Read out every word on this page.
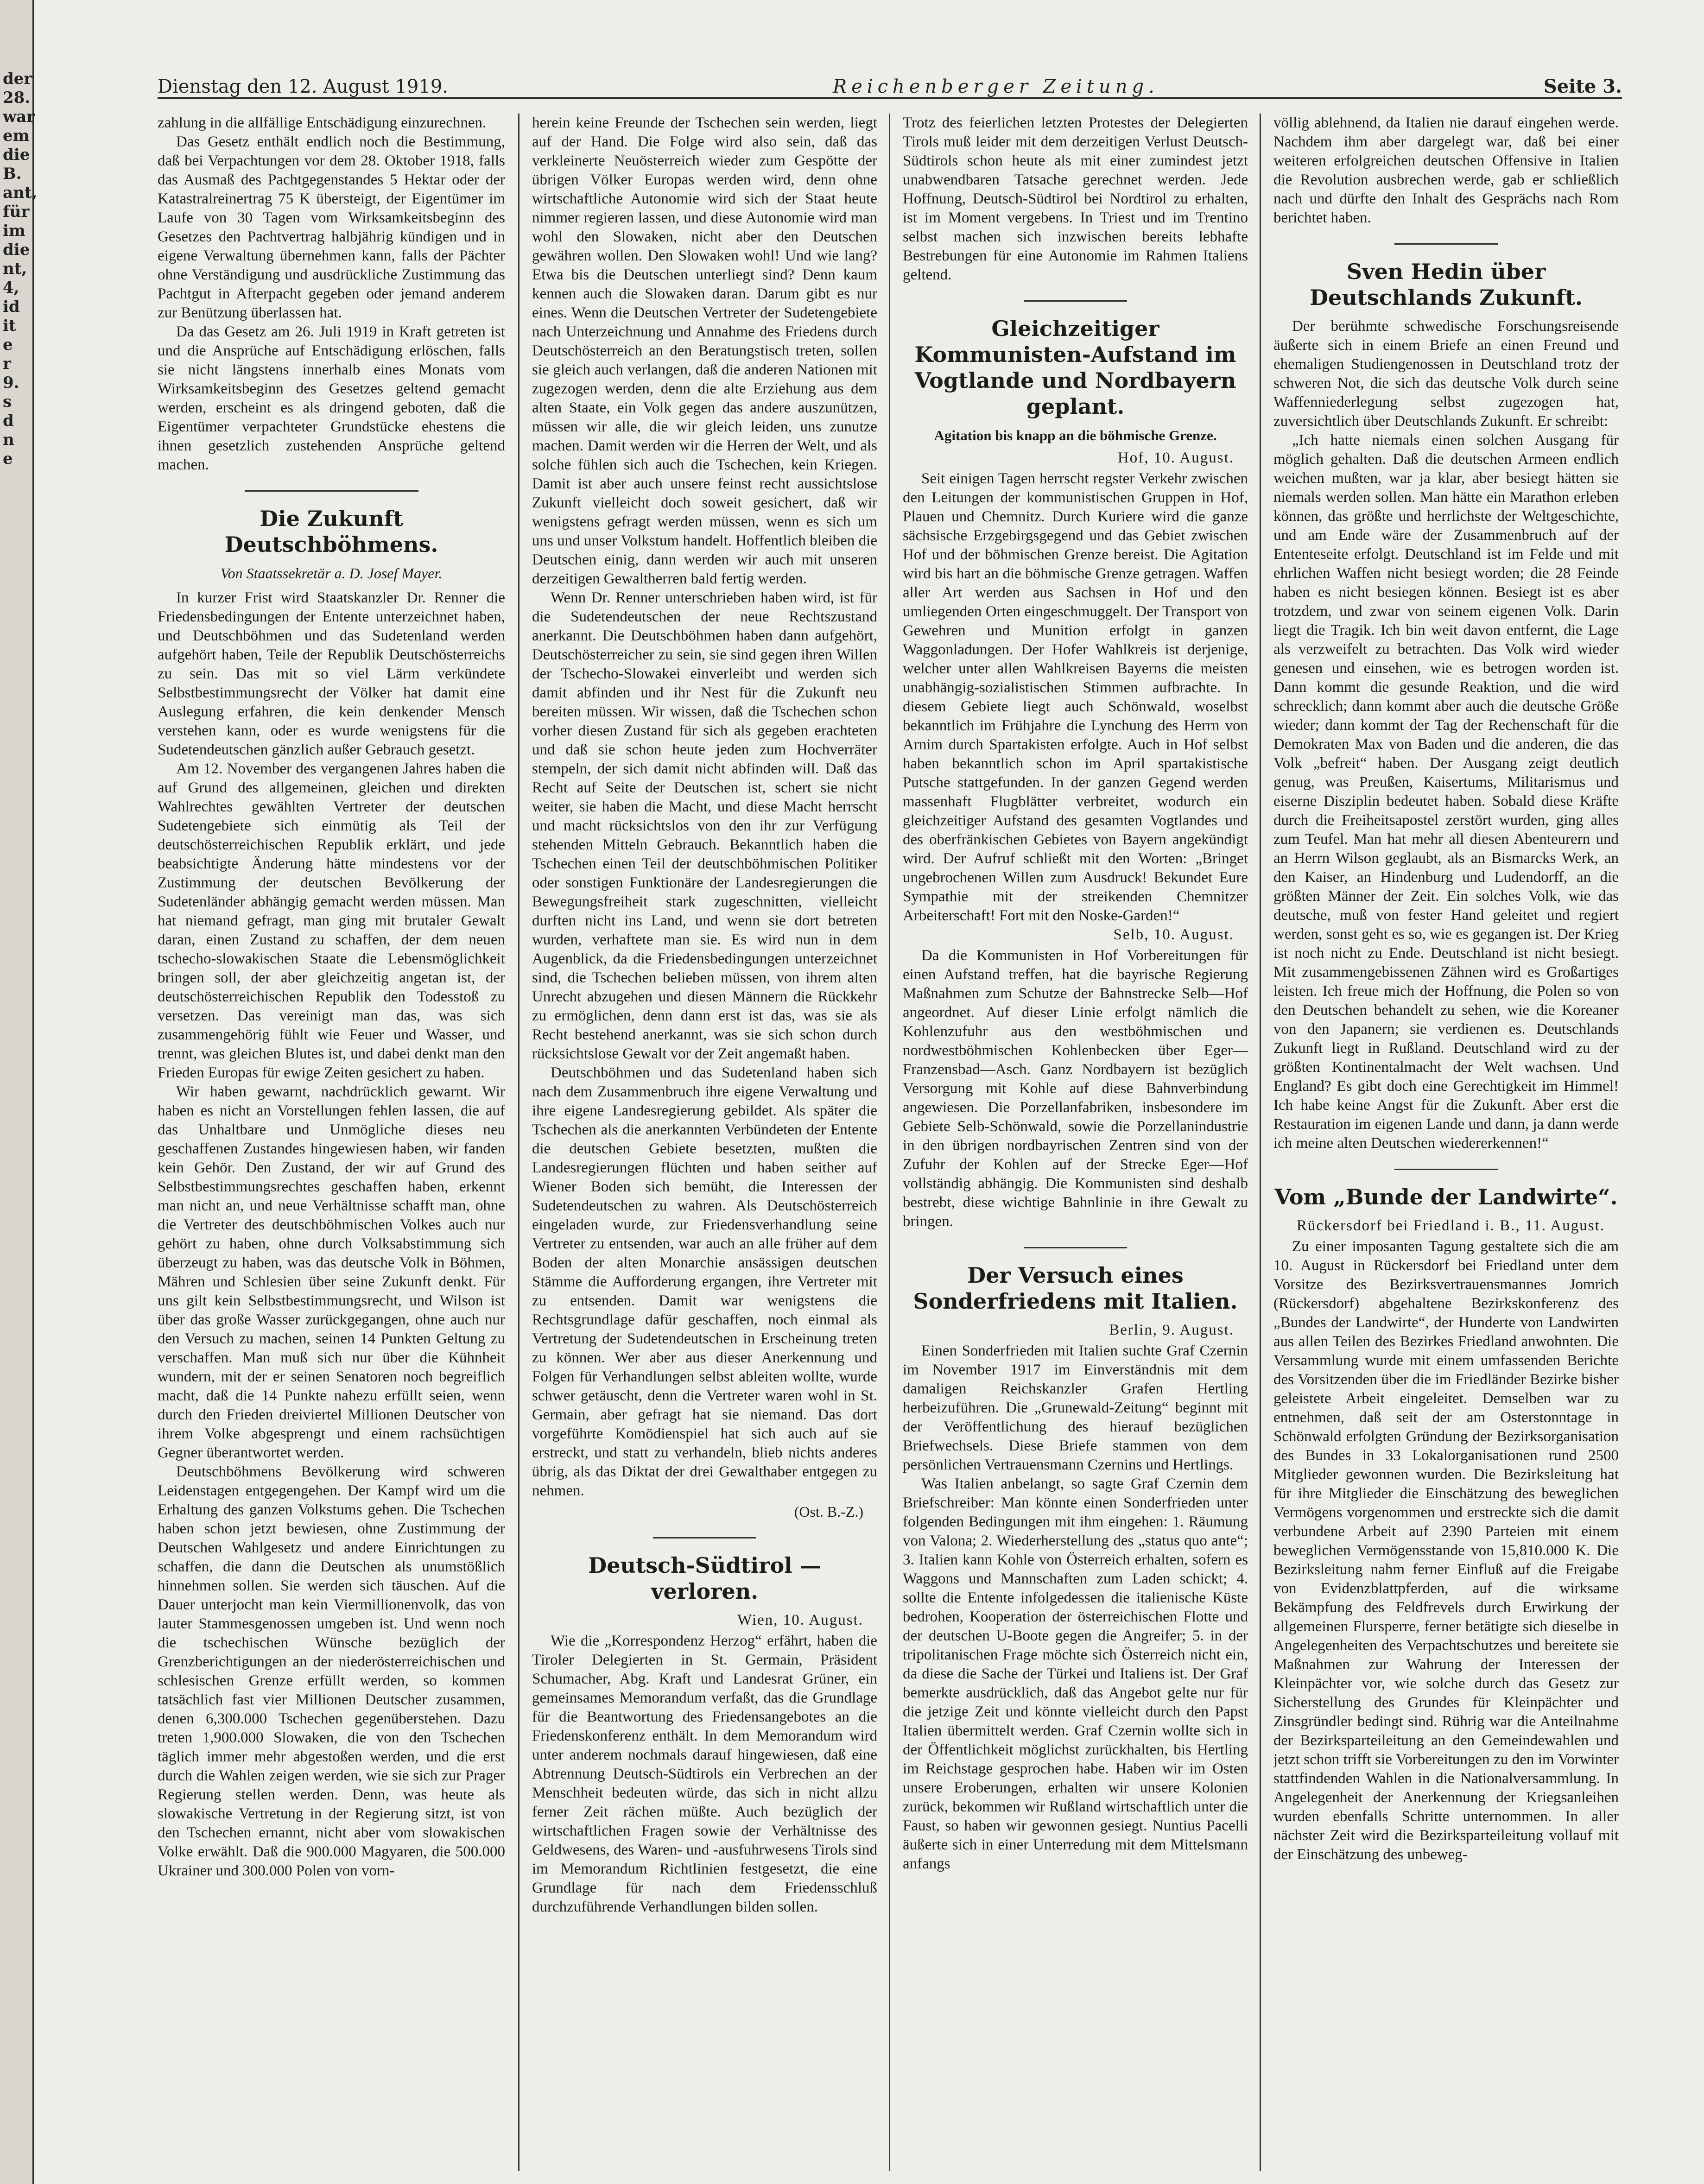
der
28.
war
em
die
B.
ant,
für
im
die
nt,
4,
id
it
e
r
9.
s
d
n
e
Dienstag den 12. August 1919.	Reichenberger Zeitung.	Seite 3.

zahlung in die allfällige Entschädigung einzurechnen.

Das Gesetz enthält endlich noch die Bestimmung, daß bei Verpachtungen vor dem 28. Oktober 1918, falls das Ausmaß des Pachtgegenstandes 5 Hektar oder der Katastralreinertrag 75 K übersteigt, der Eigentümer im Laufe von 30 Tagen vom Wirksamkeitsbeginn des Gesetzes den Pachtvertrag halbjährig kündigen und in eigene Verwaltung übernehmen kann, falls der Pächter ohne Verständigung und ausdrückliche Zustimmung das Pachtgut in Afterpacht gegeben oder jemand anderem zur Benützung überlassen hat.

Da das Gesetz am 26. Juli 1919 in Kraft getreten ist und die Ansprüche auf Entschädigung erlöschen, falls sie nicht längstens innerhalb eines Monats vom Wirksamkeitsbeginn des Gesetzes geltend gemacht werden, erscheint es als dringend geboten, daß die Eigentümer verpachteter Grundstücke ehestens die ihnen gesetzlich zustehenden Ansprüche geltend machen.

Die Zukunft Deutschböhmens.
Von Staatssekretär a. D. Josef Mayer.

In kurzer Frist wird Staatskanzler Dr. Renner die Friedensbedingungen der Entente unterzeichnet haben, und Deutschböhmen und das Sudetenland werden aufgehört haben, Teile der Republik Deutschösterreichs zu sein. Das mit so viel Lärm verkündete Selbstbestimmungsrecht der Völker hat damit eine Auslegung erfahren, die kein denkender Mensch verstehen kann, oder es wurde wenigstens für die Sudetendeutschen gänzlich außer Gebrauch gesetzt.

Am 12. November des vergangenen Jahres haben die auf Grund des allgemeinen, gleichen und direkten Wahlrechtes gewählten Vertreter der deutschen Sudetengebiete sich einmütig als Teil der deutschösterreichischen Republik erklärt, und jede beabsichtigte Änderung hätte mindestens vor der Zustimmung der deutschen Bevölkerung der Sudetenländer abhängig gemacht werden müssen. Man hat niemand gefragt, man ging mit brutaler Gewalt daran, einen Zustand zu schaffen, der dem neuen tschecho-slowakischen Staate die Lebensmöglichkeit bringen soll, der aber gleichzeitig angetan ist, der deutschösterreichischen Republik den Todesstoß zu versetzen. Das vereinigt man das, was sich zusammengehörig fühlt wie Feuer und Wasser, und trennt, was gleichen Blutes ist, und dabei denkt man den Frieden Europas für ewige Zeiten gesichert zu haben.

Wir haben gewarnt, nachdrücklich gewarnt. Wir haben es nicht an Vorstellungen fehlen lassen, die auf das Unhaltbare und Unmögliche dieses neu geschaffenen Zustandes hingewiesen haben, wir fanden kein Gehör. Den Zustand, der wir auf Grund des Selbstbestimmungsrechtes geschaffen haben, erkennt man nicht an, und neue Verhältnisse schafft man, ohne die Vertreter des deutschböhmischen Volkes auch nur gehört zu haben, ohne durch Volksabstimmung sich überzeugt zu haben, was das deutsche Volk in Böhmen, Mähren und Schlesien über seine Zukunft denkt. Für uns gilt kein Selbstbestimmungsrecht, und Wilson ist über das große Wasser zurückgegangen, ohne auch nur den Versuch zu machen, seinen 14 Punkten Geltung zu verschaffen. Man muß sich nur über die Kühnheit wundern, mit der er seinen Senatoren noch begreiflich macht, daß die 14 Punkte nahezu erfüllt seien, wenn durch den Frieden dreiviertel Millionen Deutscher von ihrem Volke abgesprengt und einem rachsüchtigen Gegner überantwortet werden.

Deutschböhmens Bevölkerung wird schweren Leidenstagen entgegengehen. Der Kampf wird um die Erhaltung des ganzen Volkstums gehen. Die Tschechen haben schon jetzt bewiesen, ohne Zustimmung der Deutschen Wahlgesetz und andere Einrichtungen zu schaffen, die dann die Deutschen als unumstößlich hinnehmen sollen. Sie werden sich täuschen. Auf die Dauer unterjocht man kein Viermillionenvolk, das von lauter Stammesgenossen umgeben ist. Und wenn noch die tschechischen Wünsche bezüglich der Grenzberichtigungen an der niederösterreichischen und schlesischen Grenze erfüllt werden, so kommen tatsächlich fast vier Millionen Deutscher zusammen, denen 6,300.000 Tschechen gegenüberstehen. Dazu treten 1,900.000 Slowaken, die von den Tschechen täglich immer mehr abgestoßen werden, und die erst durch die Wahlen zeigen werden, wie sie sich zur Prager Regierung stellen werden. Denn, was heute als slowakische Vertretung in der Regierung sitzt, ist von den Tschechen ernannt, nicht aber vom slowakischen Volke erwählt. Daß die 900.000 Magyaren, die 500.000 Ukrainer und 300.000 Polen von vorn-

herein keine Freunde der Tschechen sein werden, liegt auf der Hand. Die Folge wird also sein, daß das verkleinerte Neuösterreich wieder zum Gespötte der übrigen Völker Europas werden wird, denn ohne wirtschaftliche Autonomie wird sich der Staat heute nimmer regieren lassen, und diese Autonomie wird man wohl den Slowaken, nicht aber den Deutschen gewähren wollen. Den Slowaken wohl! Und wie lang? Etwa bis die Deutschen unterliegt sind? Denn kaum kennen auch die Slowaken daran. Darum gibt es nur eines. Wenn die Deutschen Vertreter der Sudetengebiete nach Unterzeichnung und Annahme des Friedens durch Deutschösterreich an den Beratungstisch treten, sollen sie gleich auch verlangen, daß die anderen Nationen mit zugezogen werden, denn die alte Erziehung aus dem alten Staate, ein Volk gegen das andere auszunützen, müssen wir alle, die wir gleich leiden, uns zunutze machen. Damit werden wir die Herren der Welt, und als solche fühlen sich auch die Tschechen, kein Kriegen. Damit ist aber auch unsere feinst recht aussichtslose Zukunft vielleicht doch soweit gesichert, daß wir wenigstens gefragt werden müssen, wenn es sich um uns und unser Volkstum handelt. Hoffentlich bleiben die Deutschen einig, dann werden wir auch mit unseren derzeitigen Gewaltherren bald fertig werden.

Wenn Dr. Renner unterschrieben haben wird, ist für die Sudetendeutschen der neue Rechtszustand anerkannt. Die Deutschböhmen haben dann aufgehört, Deutschösterreicher zu sein, sie sind gegen ihren Willen der Tschecho-Slowakei einverleibt und werden sich damit abfinden und ihr Nest für die Zukunft neu bereiten müssen. Wir wissen, daß die Tschechen schon vorher diesen Zustand für sich als gegeben erachteten und daß sie schon heute jeden zum Hochverräter stempeln, der sich damit nicht abfinden will. Daß das Recht auf Seite der Deutschen ist, schert sie nicht weiter, sie haben die Macht, und diese Macht herrscht und macht rücksichtslos von den ihr zur Verfügung stehenden Mitteln Gebrauch. Bekanntlich haben die Tschechen einen Teil der deutschböhmischen Politiker oder sonstigen Funktionäre der Landesregierungen die Bewegungsfreiheit stark zugeschnitten, vielleicht durften nicht ins Land, und wenn sie dort betreten wurden, verhaftete man sie. Es wird nun in dem Augenblick, da die Friedensbedingungen unterzeichnet sind, die Tschechen belieben müssen, von ihrem alten Unrecht abzugehen und diesen Männern die Rückkehr zu ermöglichen, denn dann erst ist das, was sie als Recht bestehend anerkannt, was sie sich schon durch rücksichtslose Gewalt vor der Zeit angemaßt haben.

Deutschböhmen und das Sudetenland haben sich nach dem Zusammenbruch ihre eigene Verwaltung und ihre eigene Landesregierung gebildet. Als später die Tschechen als die anerkannten Verbündeten der Entente die deutschen Gebiete besetzten, mußten die Landesregierungen flüchten und haben seither auf Wiener Boden sich bemüht, die Interessen der Sudetendeutschen zu wahren. Als Deutschösterreich eingeladen wurde, zur Friedensverhandlung seine Vertreter zu entsenden, war auch an alle früher auf dem Boden der alten Monarchie ansässigen deutschen Stämme die Aufforderung ergangen, ihre Vertreter mit zu entsenden. Damit war wenigstens die Rechtsgrundlage dafür geschaffen, noch einmal als Vertretung der Sudetendeutschen in Erscheinung treten zu können. Wer aber aus dieser Anerkennung und Folgen für Verhandlungen selbst ableiten wollte, wurde schwer getäuscht, denn die Vertreter waren wohl in St. Germain, aber gefragt hat sie niemand. Das dort vorgeführte Komödienspiel hat sich auch auf sie erstreckt, und statt zu verhandeln, blieb nichts anderes übrig, als das Diktat der drei Gewalthaber entgegen zu nehmen.

(Ost. B.-Z.)
Deutsch-Südtirol — verloren.
Wien, 10. August.

Wie die „Korrespondenz Herzog“ erfährt, haben die Tiroler Delegierten in St. Germain, Präsident Schumacher, Abg. Kraft und Landesrat Grüner, ein gemeinsames Memorandum verfaßt, das die Grundlage für die Beantwortung des Friedensangebotes an die Friedenskonferenz enthält. In dem Memorandum wird unter anderem nochmals darauf hingewiesen, daß eine Abtrennung Deutsch-Südtirols ein Verbrechen an der Menschheit bedeuten würde, das sich in nicht allzu ferner Zeit rächen müßte. Auch bezüglich der wirtschaftlichen Fragen sowie der Verhältnisse des Geldwesens, des Waren- und -ausfuhrwesens Tirols sind im Memorandum Richtlinien festgesetzt, die eine Grundlage für nach dem Friedensschluß durchzuführende Verhandlungen bilden sollen.

Trotz des feierlichen letzten Protestes der Delegierten Tirols muß leider mit dem derzeitigen Verlust Deutsch-Südtirols schon heute als mit einer zumindest jetzt unabwendbaren Tatsache gerechnet werden. Jede Hoffnung, Deutsch-Südtirol bei Nordtirol zu erhalten, ist im Moment vergebens. In Triest und im Trentino selbst machen sich inzwischen bereits lebhafte Bestrebungen für eine Autonomie im Rahmen Italiens geltend.

Gleichzeitiger Kommunisten-Aufstand im Vogtlande und Nordbayern geplant.
Agitation bis knapp an die böhmische Grenze.
Hof, 10. August.

Seit einigen Tagen herrscht regster Verkehr zwischen den Leitungen der kommunistischen Gruppen in Hof, Plauen und Chemnitz. Durch Kuriere wird die ganze sächsische Erzgebirgsgegend und das Gebiet zwischen Hof und der böhmischen Grenze bereist. Die Agitation wird bis hart an die böhmische Grenze getragen. Waffen aller Art werden aus Sachsen in Hof und den umliegenden Orten eingeschmuggelt. Der Transport von Gewehren und Munition erfolgt in ganzen Waggonladungen. Der Hofer Wahlkreis ist derjenige, welcher unter allen Wahlkreisen Bayerns die meisten unabhängig-sozialistischen Stimmen aufbrachte. In diesem Gebiete liegt auch Schönwald, woselbst bekanntlich im Frühjahre die Lynchung des Herrn von Arnim durch Spartakisten erfolgte. Auch in Hof selbst haben bekanntlich schon im April spartakistische Putsche stattgefunden. In der ganzen Gegend werden massenhaft Flugblätter verbreitet, wodurch ein gleichzeitiger Aufstand des gesamten Vogtlandes und des oberfränkischen Gebietes von Bayern angekündigt wird. Der Aufruf schließt mit den Worten: „Bringet ungebrochenen Willen zum Ausdruck! Bekundet Eure Sympathie mit der streikenden Chemnitzer Arbeiterschaft! Fort mit den Noske-Garden!“

Selb, 10. August.

Da die Kommunisten in Hof Vorbereitungen für einen Aufstand treffen, hat die bayrische Regierung Maßnahmen zum Schutze der Bahnstrecke Selb—Hof angeordnet. Auf dieser Linie erfolgt nämlich die Kohlenzufuhr aus den westböhmischen und nordwestböhmischen Kohlenbecken über Eger—Franzensbad—Asch. Ganz Nordbayern ist bezüglich Versorgung mit Kohle auf diese Bahnverbindung angewiesen. Die Porzellanfabriken, insbesondere im Gebiete Selb-Schönwald, sowie die Porzellanindustrie in den übrigen nordbayrischen Zentren sind von der Zufuhr der Kohlen auf der Strecke Eger—Hof vollständig abhängig. Die Kommunisten sind deshalb bestrebt, diese wichtige Bahnlinie in ihre Gewalt zu bringen.

Der Versuch eines Sonderfriedens mit Italien.
Berlin, 9. August.

Einen Sonderfrieden mit Italien suchte Graf Czernin im November 1917 im Einverständnis mit dem damaligen Reichskanzler Grafen Hertling herbeizuführen. Die „Grunewald-Zeitung“ beginnt mit der Veröffentlichung des hierauf bezüglichen Briefwechsels. Diese Briefe stammen von dem persönlichen Vertrauensmann Czernins und Hertlings.

Was Italien anbelangt, so sagte Graf Czernin dem Briefschreiber: Man könnte einen Sonderfrieden unter folgenden Bedingungen mit ihm eingehen: 1. Räumung von Valona; 2. Wiederherstellung des „status quo ante“; 3. Italien kann Kohle von Österreich erhalten, sofern es Waggons und Mannschaften zum Laden schickt; 4. sollte die Entente infolgedessen die italienische Küste bedrohen, Kooperation der österreichischen Flotte und der deutschen U-Boote gegen die Angreifer; 5. in der tripolitanischen Frage möchte sich Österreich nicht ein, da diese die Sache der Türkei und Italiens ist. Der Graf bemerkte ausdrücklich, daß das Angebot gelte nur für die jetzige Zeit und könnte vielleicht durch den Papst Italien übermittelt werden. Graf Czernin wollte sich in der Öffentlichkeit möglichst zurückhalten, bis Hertling im Reichstage gesprochen habe. Haben wir im Osten unsere Eroberungen, erhalten wir unsere Kolonien zurück, bekommen wir Rußland wirtschaftlich unter die Faust, so haben wir gewonnen gesiegt. Nuntius Pacelli äußerte sich in einer Unterredung mit dem Mittelsmann anfangs

völlig ablehnend, da Italien nie darauf eingehen werde. Nachdem ihm aber dargelegt war, daß bei einer weiteren erfolgreichen deutschen Offensive in Italien die Revolution ausbrechen werde, gab er schließlich nach und dürfte den Inhalt des Gesprächs nach Rom berichtet haben.

Sven Hedin über Deutschlands Zukunft.

Der berühmte schwedische Forschungsreisende äußerte sich in einem Briefe an einen Freund und ehemaligen Studiengenossen in Deutschland trotz der schweren Not, die sich das deutsche Volk durch seine Waffenniederlegung selbst zugezogen hat, zuversichtlich über Deutschlands Zukunft. Er schreibt:

„Ich hatte niemals einen solchen Ausgang für möglich gehalten. Daß die deutschen Armeen endlich weichen mußten, war ja klar, aber besiegt hätten sie niemals werden sollen. Man hätte ein Marathon erleben können, das größte und herrlichste der Weltgeschichte, und am Ende wäre der Zusammenbruch auf der Ententeseite erfolgt. Deutschland ist im Felde und mit ehrlichen Waffen nicht besiegt worden; die 28 Feinde haben es nicht besiegen können. Besiegt ist es aber trotzdem, und zwar von seinem eigenen Volk. Darin liegt die Tragik. Ich bin weit davon entfernt, die Lage als verzweifelt zu betrachten. Das Volk wird wieder genesen und einsehen, wie es betrogen worden ist. Dann kommt die gesunde Reaktion, und die wird schrecklich; dann kommt aber auch die deutsche Größe wieder; dann kommt der Tag der Rechenschaft für die Demokraten Max von Baden und die anderen, die das Volk „befreit“ haben. Der Ausgang zeigt deutlich genug, was Preußen, Kaisertums, Militarismus und eiserne Disziplin bedeutet haben. Sobald diese Kräfte durch die Freiheitsapostel zerstört wurden, ging alles zum Teufel. Man hat mehr all diesen Abenteurern und an Herrn Wilson geglaubt, als an Bismarcks Werk, an den Kaiser, an Hindenburg und Ludendorff, an die größten Männer der Zeit. Ein solches Volk, wie das deutsche, muß von fester Hand geleitet und regiert werden, sonst geht es so, wie es gegangen ist. Der Krieg ist noch nicht zu Ende. Deutschland ist nicht besiegt. Mit zusammengebissenen Zähnen wird es Großartiges leisten. Ich freue mich der Hoffnung, die Polen so von den Deutschen behandelt zu sehen, wie die Koreaner von den Japanern; sie verdienen es. Deutschlands Zukunft liegt in Rußland. Deutschland wird zu der größten Kontinentalmacht der Welt wachsen. Und England? Es gibt doch eine Gerechtigkeit im Himmel! Ich habe keine Angst für die Zukunft. Aber erst die Restauration im eigenen Lande und dann, ja dann werde ich meine alten Deutschen wiedererkennen!“

Vom „Bunde der Landwirte“.
Rückersdorf bei Friedland i. B., 11. August.

Zu einer imposanten Tagung gestaltete sich die am 10. August in Rückersdorf bei Friedland unter dem Vorsitze des Bezirksvertrauensmannes Jomrich (Rückersdorf) abgehaltene Bezirkskonferenz des „Bundes der Landwirte“, der Hunderte von Landwirten aus allen Teilen des Bezirkes Friedland anwohnten. Die Versammlung wurde mit einem umfassenden Berichte des Vorsitzenden über die im Friedländer Bezirke bisher geleistete Arbeit eingeleitet. Demselben war zu entnehmen, daß seit der am Osterstonntage in Schönwald erfolgten Gründung der Bezirksorganisation des Bundes in 33 Lokalorganisationen rund 2500 Mitglieder gewonnen wurden. Die Bezirksleitung hat für ihre Mitglieder die Einschätzung des beweglichen Vermögens vorgenommen und erstreckte sich die damit verbundene Arbeit auf 2390 Parteien mit einem beweglichen Vermögensstande von 15,810.000 K. Die Bezirksleitung nahm ferner Einfluß auf die Freigabe von Evidenzblattpferden, auf die wirksame Bekämpfung des Feldfrevels durch Erwirkung der allgemeinen Flursperre, ferner betätigte sich dieselbe in Angelegenheiten des Verpachtschutzes und bereitete sie Maßnahmen zur Wahrung der Interessen der Kleinpächter vor, wie solche durch das Gesetz zur Sicherstellung des Grundes für Kleinpächter und Zinsgründler bedingt sind. Rührig war die Anteilnahme der Bezirksparteileitung an den Gemeindewahlen und jetzt schon trifft sie Vorbereitungen zu den im Vorwinter stattfindenden Wahlen in die Nationalversammlung. In Angelegenheit der Anerkennung der Kriegsanleihen wurden ebenfalls Schritte unternommen. In aller nächster Zeit wird die Bezirksparteileitung vollauf mit der Einschätzung des unbeweg-
